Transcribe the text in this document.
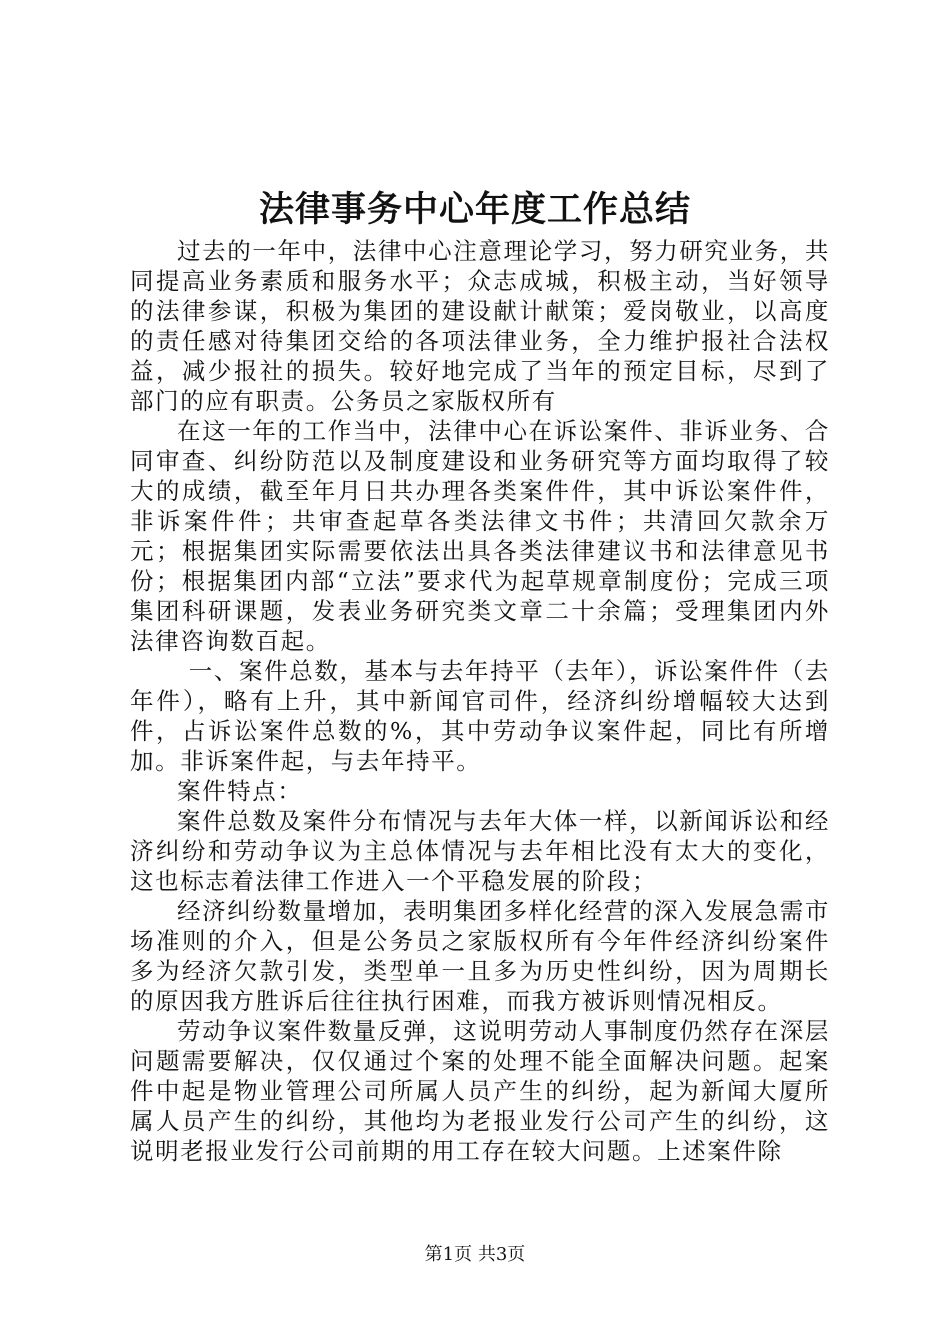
法律事务中心年度工作总结

过去的一年中，法律中心注意理论学习，努力研究业务，共同提高业务素质和服务水平；众志成城，积极主动，当好领导的法律参谋，积极为集团的建设献计献策；爱岗敬业，以高度的责任感对待集团交给的各项法律业务，全力维护报社合法权益，减少报社的损失。较好地完成了当年的预定目标，尽到了部门的应有职责。公务员之家版权所有

在这一年的工作当中，法律中心在诉讼案件、非诉业务、合同审查、纠纷防范以及制度建设和业务研究等方面均取得了较大的成绩，截至年月日共办理各类案件件，其中诉讼案件件，非诉案件件；共审查起草各类法律文书件；共清回欠款余万元；根据集团实际需要依法出具各类法律建议书和法律意见书份；根据集团内部“立法”要求代为起草规章制度份；完成三项集团科研课题，发表业务研究类文章二十余篇；受理集团内外法律咨询数百起。

一、案件总数，基本与去年持平（去年），诉讼案件件（去年件），略有上升，其中新闻官司件，经济纠纷增幅较大达到件，占诉讼案件总数的%，其中劳动争议案件起，同比有所增加。非诉案件起，与去年持平。

案件特点：

案件总数及案件分布情况与去年大体一样，以新闻诉讼和经济纠纷和劳动争议为主总体情况与去年相比没有太大的变化，这也标志着法律工作进入一个平稳发展的阶段；

经济纠纷数量增加，表明集团多样化经营的深入发展急需市场准则的介入，但是公务员之家版权所有今年件经济纠纷案件多为经济欠款引发，类型单一且多为历史性纠纷，因为周期长的原因我方胜诉后往往执行困难，而我方被诉则情况相反。

劳动争议案件数量反弹，这说明劳动人事制度仍然存在深层问题需要解决，仅仅通过个案的处理不能全面解决问题。起案件中起是物业管理公司所属人员产生的纠纷，起为新闻大厦所属人员产生的纠纷，其他均为老报业发行公司产生的纠纷，这说明老报业发行公司前期的用工存在较大问题。上述案件除

第1页 共3页
